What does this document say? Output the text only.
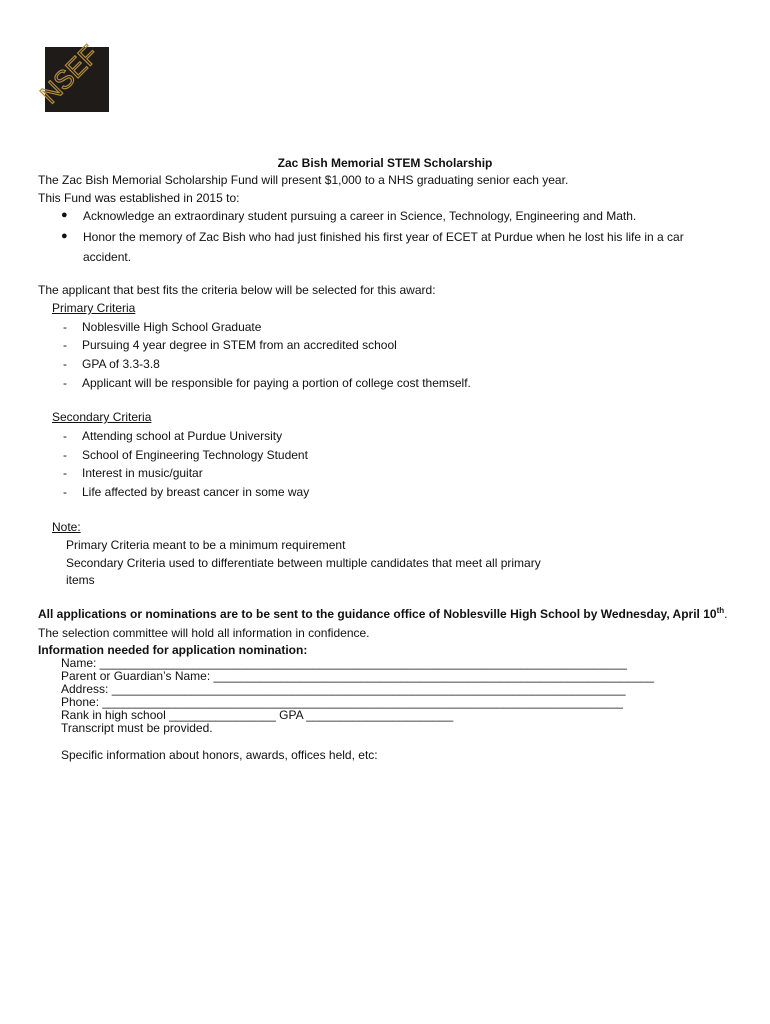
NSEF
Zac Bish Memorial STEM Scholarship
The Zac Bish Memorial Scholarship Fund will present $1,000 to a NHS graduating senior each year.
This Fund was established in 2015 to:
● Acknowledge an extraordinary student pursuing a career in Science, Technology, Engineering and Math.
● Honor the memory of Zac Bish who had just finished his first year of ECET at Purdue when he lost his life in a car
accident.
The applicant that best fits the criteria below will be selected for this award:
Primary Criteria
- Noblesville High School Graduate
- Pursuing 4 year degree in STEM from an accredited school
- GPA of 3.3-3.8
- Applicant will be responsible for paying a portion of college cost themself.
Secondary Criteria
- Attending school at Purdue University
- School of Engineering Technology Student
- Interest in music/guitar
- Life affected by breast cancer in some way
Note:
Primary Criteria meant to be a minimum requirement
Secondary Criteria used to differentiate between multiple candidates that meet all primary
items
All applications or nominations are to be sent to the guidance office of Noblesville High School by Wednesday, April 10th.
The selection committee will hold all information in confidence.
Information needed for application nomination:
Name: _______________________________________________________________________________
Parent or Guardian’s Name: __________________________________________________________________
Address: _____________________________________________________________________________
Phone: ______________________________________________________________________________
Rank in high school ________________ GPA ______________________
Transcript must be provided.
Specific information about honors, awards, offices held, etc:
